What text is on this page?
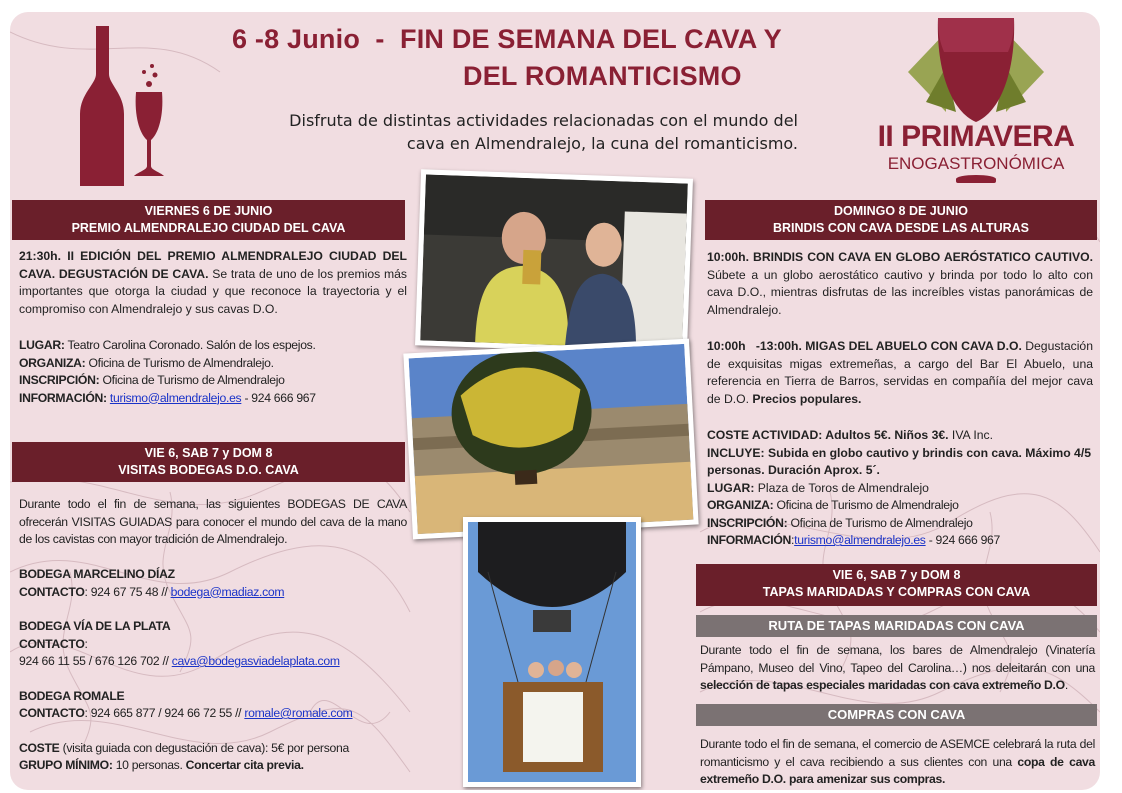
6 -8 Junio  -  FIN DE SEMANA DEL CAVA Y
DEL ROMANTICISMO
Disfruta de distintas actividades relacionadas con el mundo del
cava en Almendralejo, la cuna del romanticismo.	II PRIMAVERA
ENOGASTRONÓMICA
VIERNES 6 DE JUNIO
PREMIO ALMENDRALEJO CIUDAD DEL CAVA

21:30h. II EDICIÓN DEL PREMIO ALMENDRALEJO CIUDAD DEL CAVA. DEGUSTACIÓN DE CAVA. Se trata de uno de los premios más importantes que otorga la ciudad y que reconoce la trayectoria y el compromiso con Almendralejo y sus cavas D.O.

LUGAR: Teatro Carolina Coronado. Salón de los espejos.

ORGANIZA: Oficina de Turismo de Almendralejo.

INSCRIPCIÓN: Oficina de Turismo de Almendralejo

INFORMACIÓN: turismo@almendralejo.es - 924 666 967

VIE 6, SAB 7 y DOM 8
VISITAS BODEGAS D.O. CAVA

Durante todo el fin de semana, las siguientes BODEGAS DE CAVA ofrecerán VISITAS GUIADAS para conocer el mundo del cava de la mano de los cavistas con mayor tradición de Almendralejo.

BODEGA MARCELINO DÍAZ

CONTACTO: 924 67 75 48 // bodega@madiaz.com

BODEGA VÍA DE LA PLATA

CONTACTO:

924 66 11 55 / 676 126 702 // cava@bodegasviadelaplata.com

BODEGA ROMALE

CONTACTO: 924 665 877 / 924 66 72 55 // romale@romale.com

COSTE (visita guiada con degustación de cava): 5€ por persona

GRUPO MÍNIMO: 10 personas. Concertar cita previa.

DOMINGO 8 DE JUNIO
BRINDIS CON CAVA DESDE LAS ALTURAS

10:00h. BRINDIS CON CAVA EN GLOBO AERÓSTATICO CAUTIVO. Súbete a un globo aerostático cautivo y brinda por todo lo alto con cava D.O., mientras disfrutas de las increíbles vistas panorámicas de Almendralejo.

10:00h   -13:00h. MIGAS DEL ABUELO CON CAVA D.O. Degustación de exquisitas migas extremeñas, a cargo del Bar El Abuelo, una referencia en Tierra de Barros, servidas en compañía del mejor cava de D.O. Precios populares.

COSTE ACTIVIDAD: Adultos 5€. Niños 3€. IVA Inc.

INCLUYE: Subida en globo cautivo y brindis con cava. Máximo 4/5 personas. Duración Aprox. 5´.

LUGAR: Plaza de Toros de Almendralejo

ORGANIZA: Oficina de Turismo de Almendralejo

INSCRIPCIÓN: Oficina de Turismo de Almendralejo

INFORMACIÓN:turismo@almendralejo.es - 924 666 967

VIE 6, SAB 7 y DOM 8
TAPAS MARIDADAS Y COMPRAS CON CAVA
RUTA DE TAPAS MARIDADAS CON CAVA

Durante todo el fin de semana, los bares de Almendralejo (Vinatería Pámpano, Museo del Vino, Tapeo del Carolina…) nos deleitarán con una selección de tapas especiales maridadas con cava extremeño D.O.

COMPRAS CON CAVA

Durante todo el fin de semana, el comercio de ASEMCE celebrará la ruta del romanticismo y el cava recibiendo a sus clientes con una copa de cava extremeño D.O. para amenizar sus compras.
